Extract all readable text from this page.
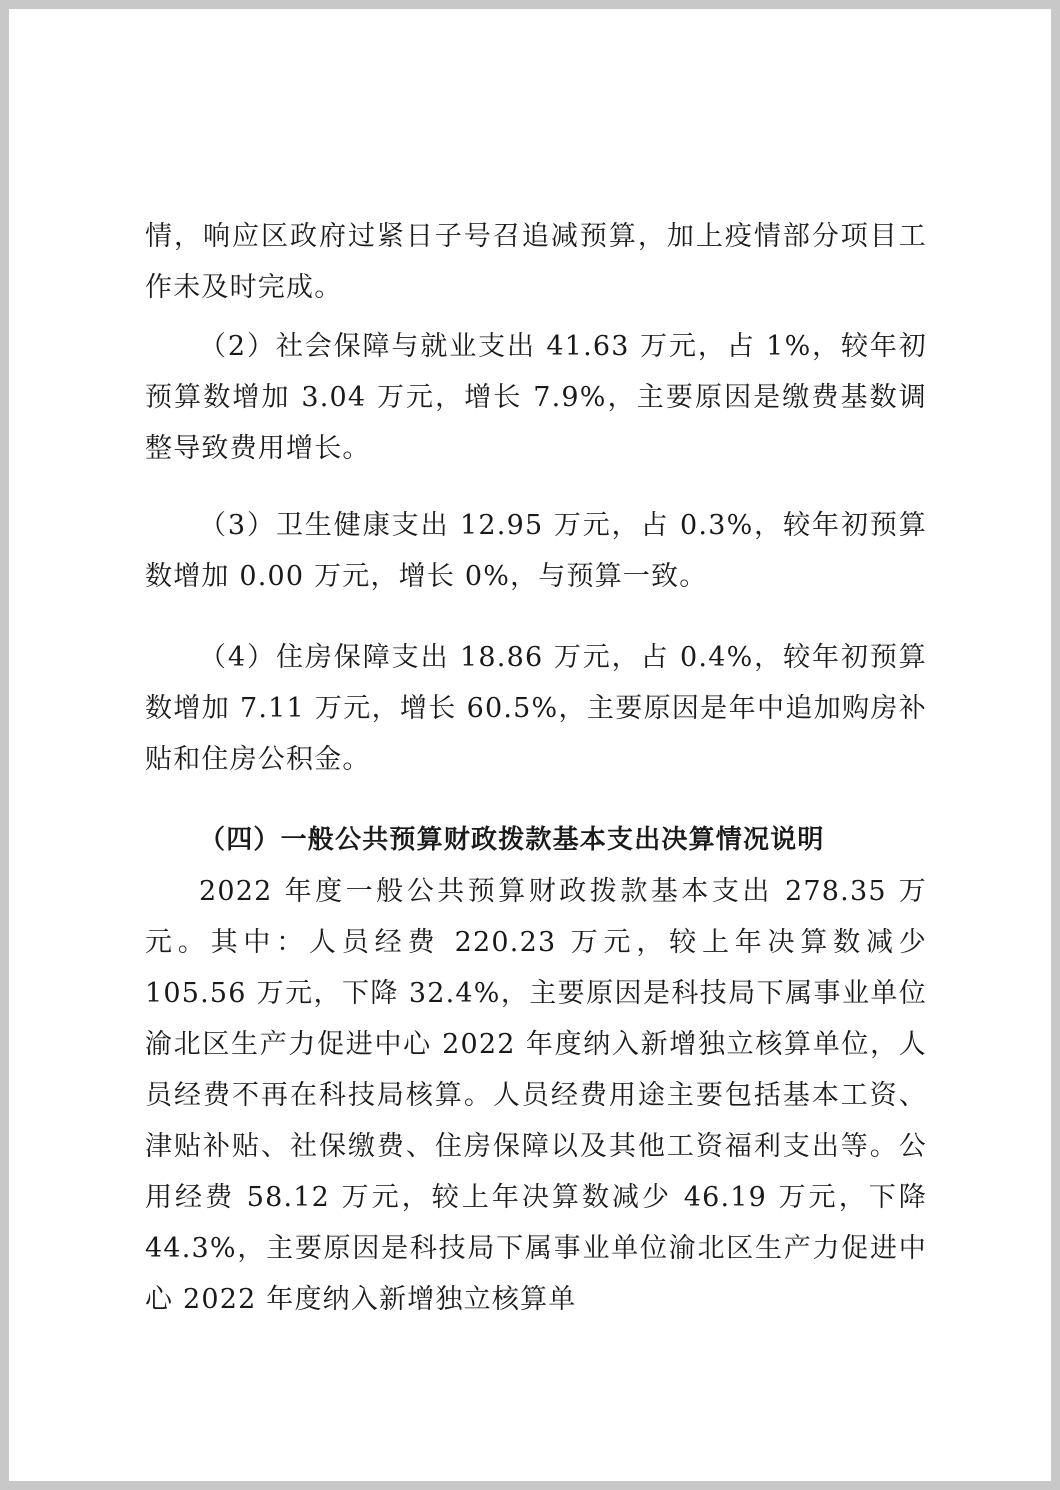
情，响应区政府过紧日子号召追减预算，加上疫情部分项目工作未及时完成。

（2）社会保障与就业支出 41.63 万元，占 1%，较年初预算数增加 3.04 万元，增长 7.9%，主要原因是缴费基数调整导致费用增长。

（3）卫生健康支出 12.95 万元，占 0.3%，较年初预算数增加 0.00 万元，增长 0%，与预算一致。

（4）住房保障支出 18.86 万元，占 0.4%，较年初预算数增加 7.11 万元，增长 60.5%，主要原因是年中追加购房补贴和住房公积金。

（四）一般公共预算财政拨款基本支出决算情况说明

2022 年度一般公共预算财政拨款基本支出 278.35 万元。其中：人员经费 220.23 万元，较上年决算数减少 105.56 万元，下降 32.4%，主要原因是科技局下属事业单位渝北区生产力促进中心 2022 年度纳入新增独立核算单位，人员经费不再在科技局核算。人员经费用途主要包括基本工资、津贴补贴、社保缴费、住房保障以及其他工资福利支出等。公用经费 58.12 万元，较上年决算数减少 46.19 万元，下降 44.3%，主要原因是科技局下属事业单位渝北区生产力促进中心 2022 年度纳入新增独立核算单
